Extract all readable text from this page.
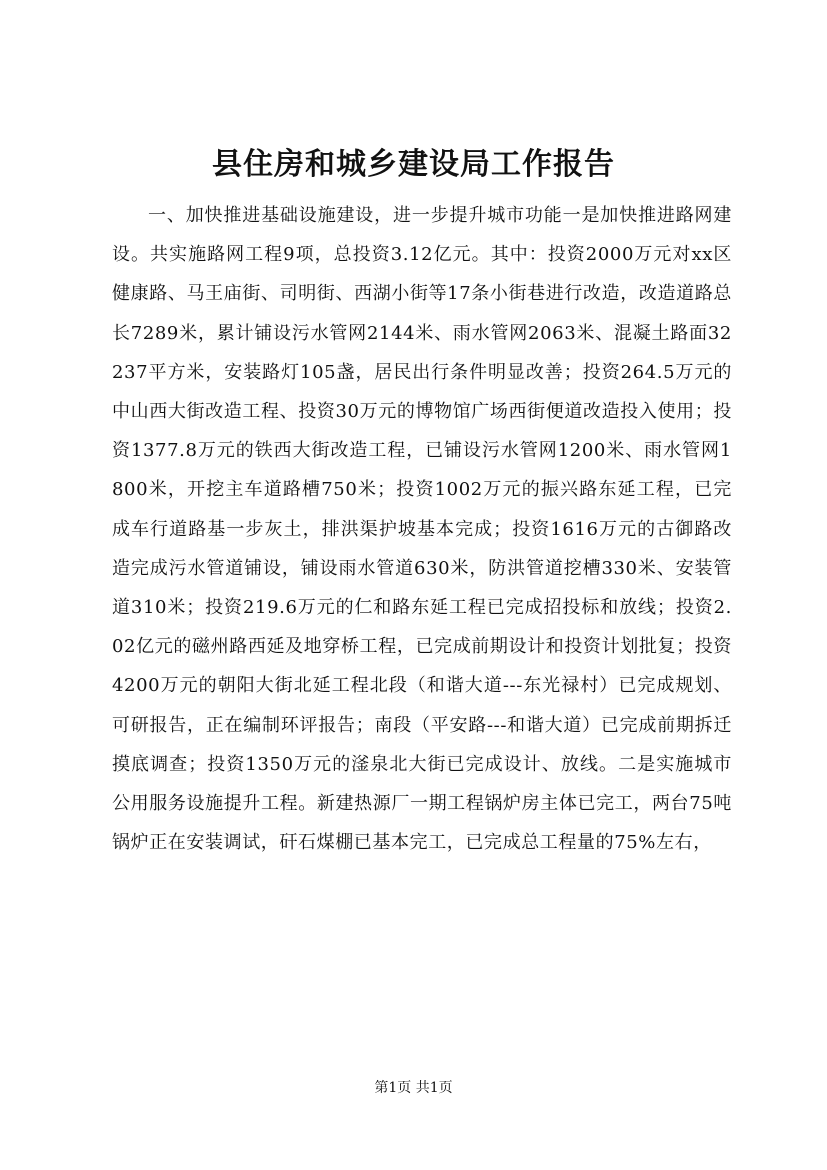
县住房和城乡建设局工作报告

一、加快推进基础设施建设，进一步提升城市功能一是加快推进路网建设。共实施路网工程9项，总投资3.12亿元。其中：投资2000万元对xx区健康路、马王庙街、司明街、西湖小街等17条小街巷进行改造，改造道路总长7289米，累计铺设污水管网2144米、雨水管网2063米、混凝土路面32237平方米，安装路灯105盏，居民出行条件明显改善；投资264.5万元的中山西大街改造工程、投资30万元的博物馆广场西街便道改造投入使用；投资1377.8万元的铁西大街改造工程，已铺设污水管网1200米、雨水管网1800米，开挖主车道路槽750米；投资1002万元的振兴路东延工程，已完成车行道路基一步灰土，排洪渠护坡基本完成；投资1616万元的古御路改造完成污水管道铺设，铺设雨水管道630米，防洪管道挖槽330米、安装管道310米；投资219.6万元的仁和路东延工程已完成招投标和放线；投资2.02亿元的磁州路西延及地穿桥工程，已完成前期设计和投资计划批复；投资4200万元的朝阳大街北延工程北段（和谐大道---东光禄村）已完成规划、可研报告，正在编制环评报告；南段（平安路---和谐大道）已完成前期拆迁摸底调查；投资1350万元的滏泉北大街已完成设计、放线。二是实施城市公用服务设施提升工程。新建热源厂一期工程锅炉房主体已完工，两台75吨锅炉正在安装调试，矸石煤棚已基本完工，已完成总工程量的75%左右，

第1页 共1页
